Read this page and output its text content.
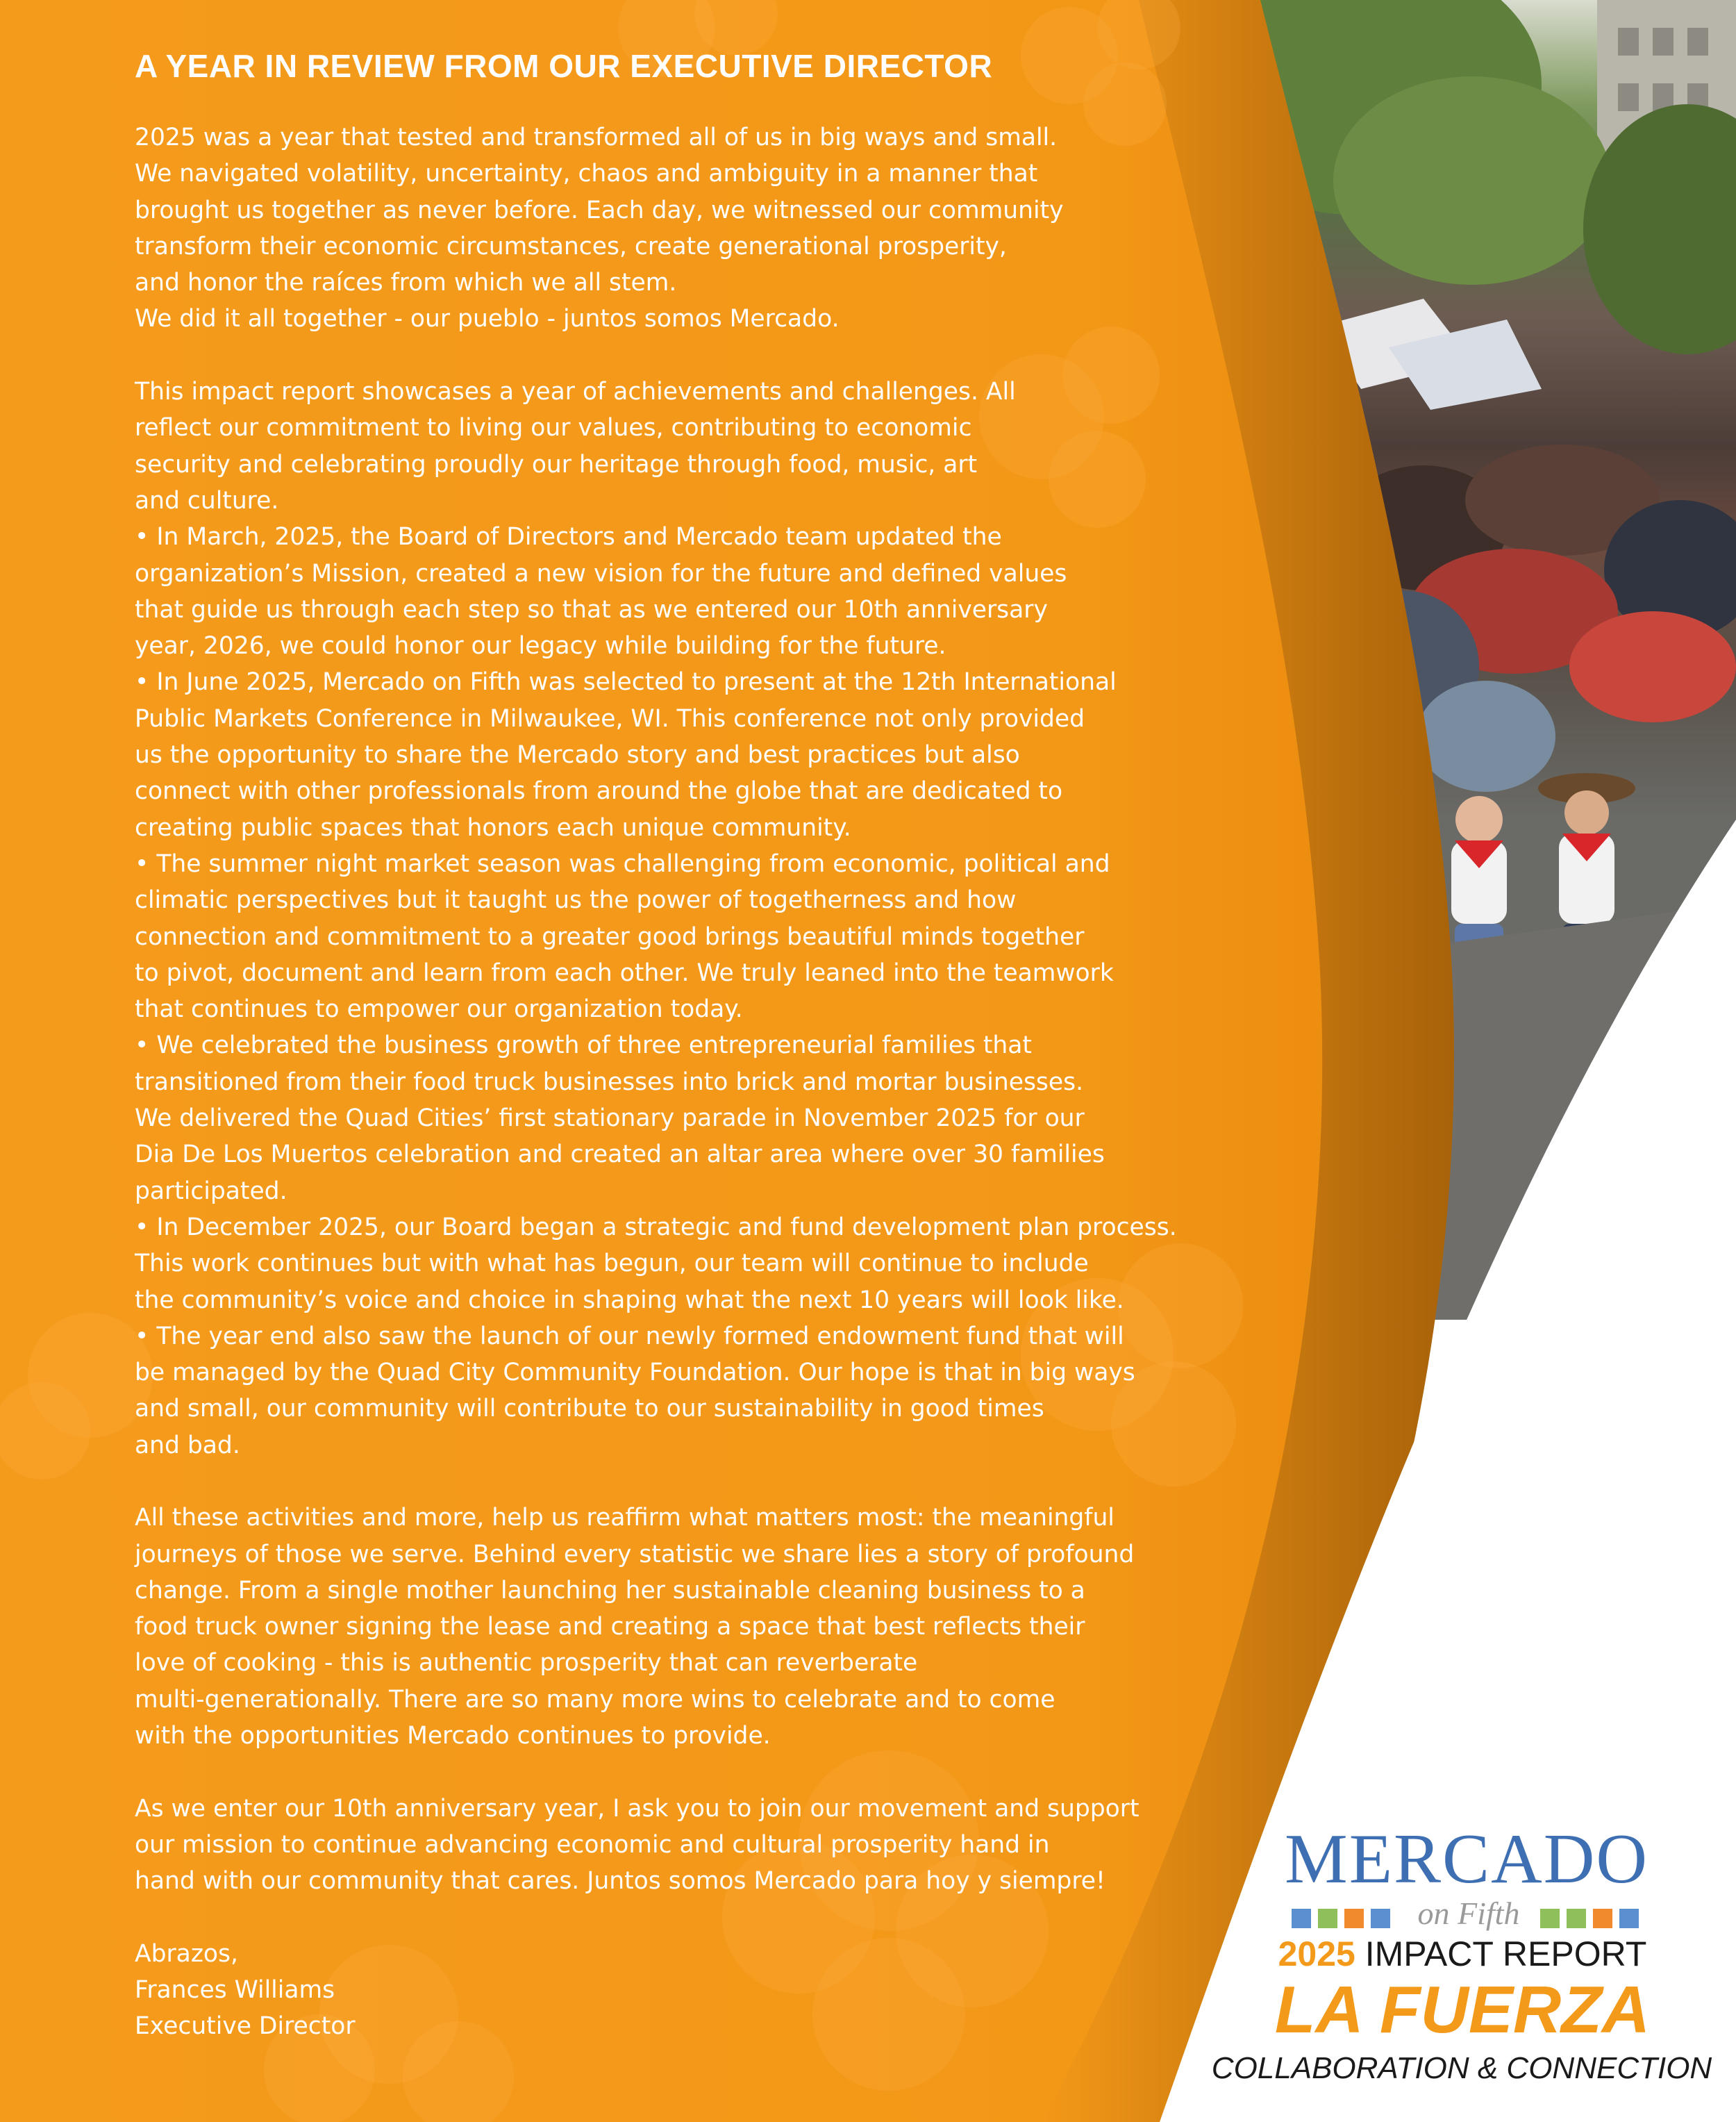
A YEAR IN REVIEW FROM OUR EXECUTIVE DIRECTOR
2025 was a year that tested and transformed all of us in big ways and small.
We navigated volatility, uncertainty, chaos and ambiguity in a manner that
brought us together as never before. Each day, we witnessed our community
transform their economic circumstances, create generational prosperity,
and honor the raíces from which we all stem.
We did it all together - our pueblo - juntos somos Mercado.
This impact report showcases a year of achievements and challenges. All
reflect our commitment to living our values, contributing to economic
security and celebrating proudly our heritage through food, music, art
and culture.
• In March, 2025, the Board of Directors and Mercado team updated the
organization’s Mission, created a new vision for the future and defined values
that guide us through each step so that as we entered our 10th anniversary
year, 2026, we could honor our legacy while building for the future.
• In June 2025, Mercado on Fifth was selected to present at the 12th International
Public Markets Conference in Milwaukee, WI. This conference not only provided
us the opportunity to share the Mercado story and best practices but also
connect with other professionals from around the globe that are dedicated to
creating public spaces that honors each unique community.
• The summer night market season was challenging from economic, political and
climatic perspectives but it taught us the power of togetherness and how
connection and commitment to a greater good brings beautiful minds together
to pivot, document and learn from each other. We truly leaned into the teamwork
that continues to empower our organization today.
• We celebrated the business growth of three entrepreneurial families that
transitioned from their food truck businesses into brick and mortar businesses.
We delivered the Quad Cities’ first stationary parade in November 2025 for our
Dia De Los Muertos celebration and created an altar area where over 30 families
participated.
• In December 2025, our Board began a strategic and fund development plan process.
This work continues but with what has begun, our team will continue to include
the community’s voice and choice in shaping what the next 10 years will look like.
• The year end also saw the launch of our newly formed endowment fund that will
be managed by the Quad City Community Foundation. Our hope is that in big ways
and small, our community will contribute to our sustainability in good times
and bad.
All these activities and more, help us reaffirm what matters most: the meaningful
journeys of those we serve. Behind every statistic we share lies a story of profound
change. From a single mother launching her sustainable cleaning business to a
food truck owner signing the lease and creating a space that best reflects their
love of cooking - this is authentic prosperity that can reverberate
multi-generationally. There are so many more wins to celebrate and to come
with the opportunities Mercado continues to provide.
As we enter our 10th anniversary year, I ask you to join our movement and support
our mission to continue advancing economic and cultural prosperity hand in
hand with our community that cares. Juntos somos Mercado para hoy y siempre!
Abrazos,
Frances Williams
Executive Director
MERCADO
on Fifth
2025 IMPACT REPORT
LA FUERZA
COLLABORATION & CONNECTION
